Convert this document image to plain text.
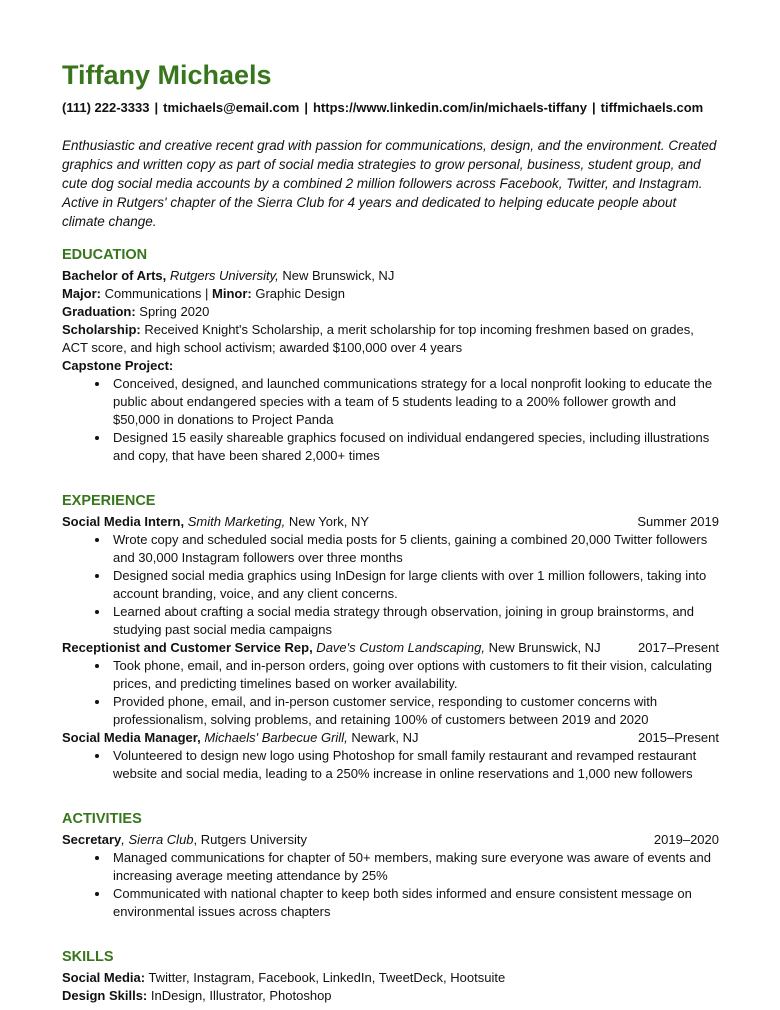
Tiffany Michaels
(111) 222-3333 | tmichaels@email.com | https://www.linkedin.com/in/michaels-tiffany | tiffmichaels.com

Enthusiastic and creative recent grad with passion for communications, design, and the environment. Created graphics and written copy as part of social media strategies to grow personal, business, student group, and cute dog social media accounts by a combined 2 million followers across Facebook, Twitter, and Instagram. Active in Rutgers' chapter of the Sierra Club for 4 years and dedicated to helping educate people about climate change.

EDUCATION
Bachelor of Arts, Rutgers University, New Brunswick, NJ
Major: Communications | Minor: Graphic Design
Graduation: Spring 2020
Scholarship: Received Knight's Scholarship, a merit scholarship for top incoming freshmen based on grades, ACT score, and high school activism; awarded $100,000 over 4 years
Capstone Project:
• Conceived, designed, and launched communications strategy for a local nonprofit looking to educate the public about endangered species with a team of 5 students leading to a 200% follower growth and $50,000 in donations to Project Panda
• Designed 15 easily shareable graphics focused on individual endangered species, including illustrations and copy, that have been shared 2,000+ times
EXPERIENCE
Social Media Intern, Smith Marketing, New York, NY	Summer 2019
• Wrote copy and scheduled social media posts for 5 clients, gaining a combined 20,000 Twitter followers and 30,000 Instagram followers over three months
• Designed social media graphics using InDesign for large clients with over 1 million followers, taking into account branding, voice, and any client concerns.
• Learned about crafting a social media strategy through observation, joining in group brainstorms, and studying past social media campaigns
Receptionist and Customer Service Rep, Dave's Custom Landscaping, New Brunswick, NJ	2017–Present
• Took phone, email, and in-person orders, going over options with customers to fit their vision, calculating prices, and predicting timelines based on worker availability.
• Provided phone, email, and in-person customer service, responding to customer concerns with professionalism, solving problems, and retaining 100% of customers between 2019 and 2020
Social Media Manager, Michaels' Barbecue Grill, Newark, NJ	2015–Present
• Volunteered to design new logo using Photoshop for small family restaurant and revamped restaurant website and social media, leading to a 250% increase in online reservations and 1,000 new followers
ACTIVITIES
Secretary, Sierra Club, Rutgers University	2019–2020
• Managed communications for chapter of 50+ members, making sure everyone was aware of events and increasing average meeting attendance by 25%
• Communicated with national chapter to keep both sides informed and ensure consistent message on environmental issues across chapters
SKILLS
Social Media: Twitter, Instagram, Facebook, LinkedIn, TweetDeck, Hootsuite
Design Skills: InDesign, Illustrator, Photoshop
